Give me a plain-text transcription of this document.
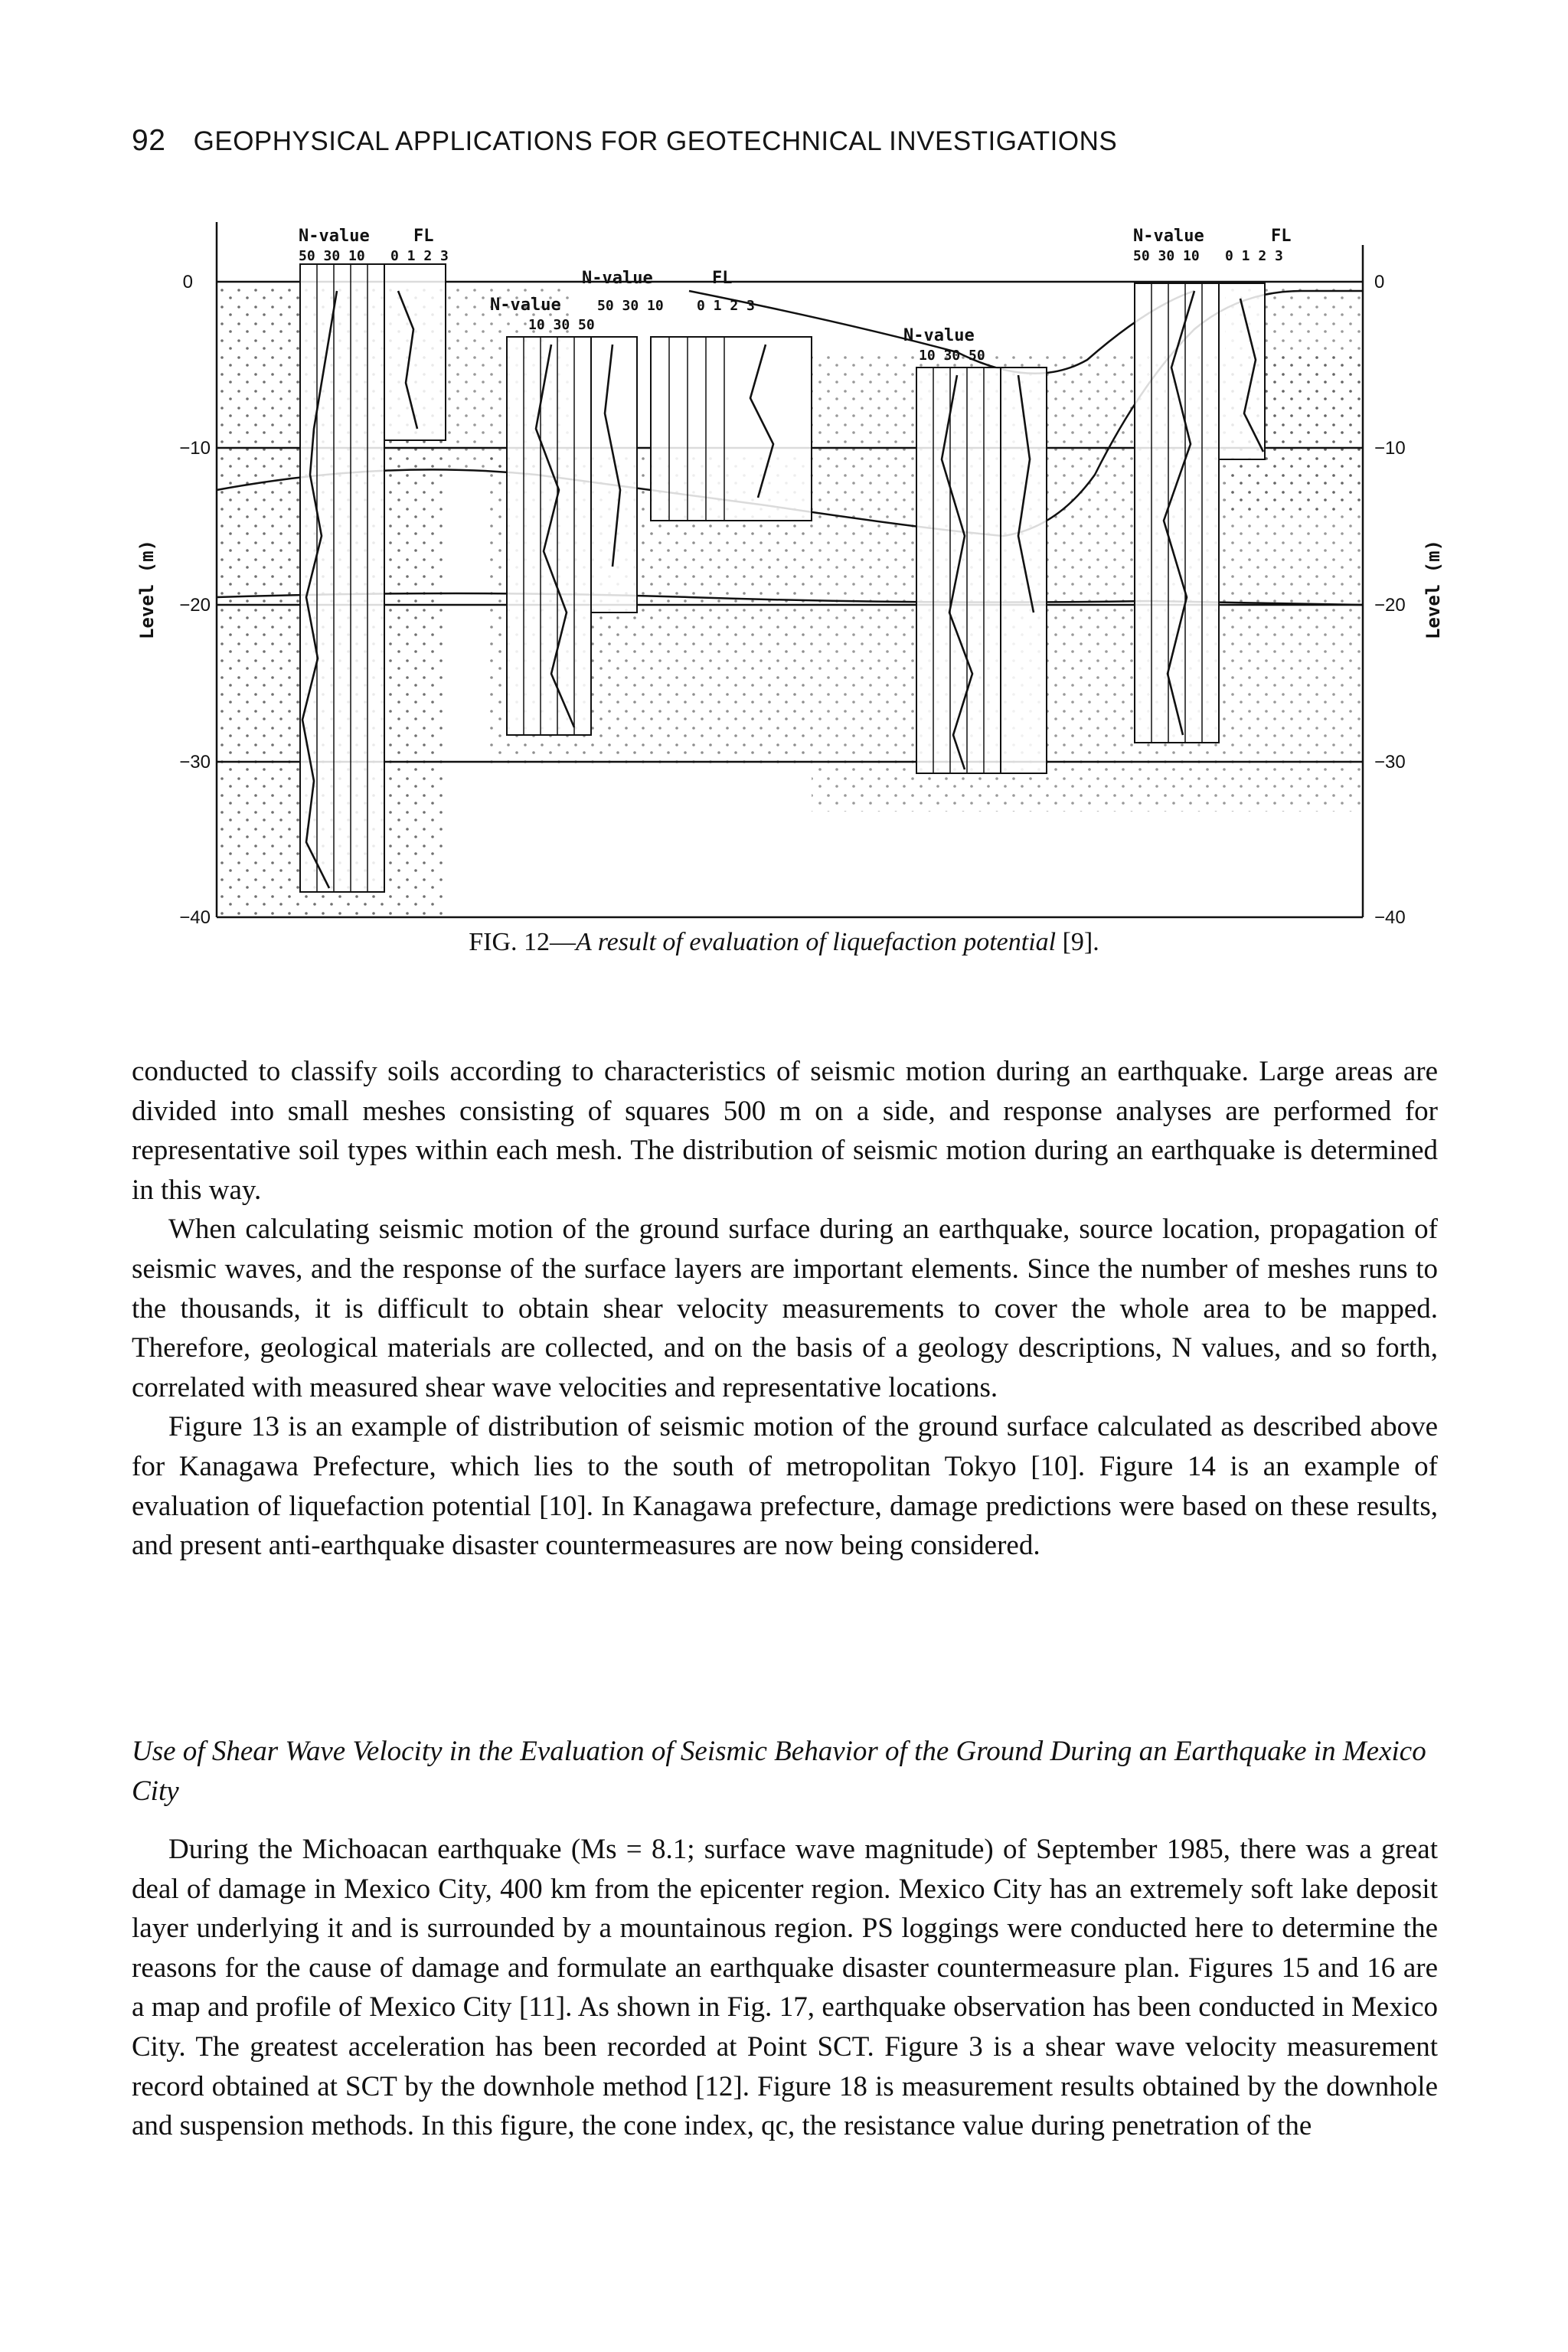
92 GEOPHYSICAL APPLICATIONS FOR GEOTECHNICAL INVESTIGATIONS
N-value	FL
50 30 10 0 1 2 3
N-value	FL
N-value	50 30 10 0 1 2 3
10 30 50
N-value
10 30 50
N-value	FL
50 30 10 0 1 2 3
0
−10
−20
−30
−40
0
−10
−20
−30
−40
Level (m)	Level (m)
FIG. 12—A result of evaluation of liquefaction potential [9].

conducted to classify soils according to characteristics of seismic motion during an earthquake. Large areas are divided into small meshes consisting of squares 500 m on a side, and response analyses are performed for representative soil types within each mesh. The distribution of seismic motion during an earthquake is determined in this way.

When calculating seismic motion of the ground surface during an earthquake, source location, propagation of seismic waves, and the response of the surface layers are important elements. Since the number of meshes runs to the thousands, it is difficult to obtain shear velocity measurements to cover the whole area to be mapped. Therefore, geological materials are collected, and on the basis of a geology descriptions, N values, and so forth, correlated with measured shear wave velocities and representative locations.

Figure 13 is an example of distribution of seismic motion of the ground surface calculated as described above for Kanagawa Prefecture, which lies to the south of metropolitan Tokyo [10]. Figure 14 is an example of evaluation of liquefaction potential [10]. In Kanagawa prefecture, damage predictions were based on these results, and present anti-earthquake disaster countermeasures are now being considered.

Use of Shear Wave Velocity in the Evaluation of Seismic Behavior of the Ground During an Earthquake in Mexico City

During the Michoacan earthquake (Ms = 8.1; surface wave magnitude) of September 1985, there was a great deal of damage in Mexico City, 400 km from the epicenter region. Mexico City has an extremely soft lake deposit layer underlying it and is surrounded by a mountainous region. PS loggings were conducted here to determine the reasons for the cause of damage and formulate an earthquake disaster countermeasure plan. Figures 15 and 16 are a map and profile of Mexico City [11]. As shown in Fig. 17, earthquake observation has been conducted in Mexico City. The greatest acceleration has been recorded at Point SCT. Figure 3 is a shear wave velocity measurement record obtained at SCT by the downhole method [12]. Figure 18 is measurement results obtained by the downhole and suspension methods. In this figure, the cone index, qc, the resistance value during penetration of the
